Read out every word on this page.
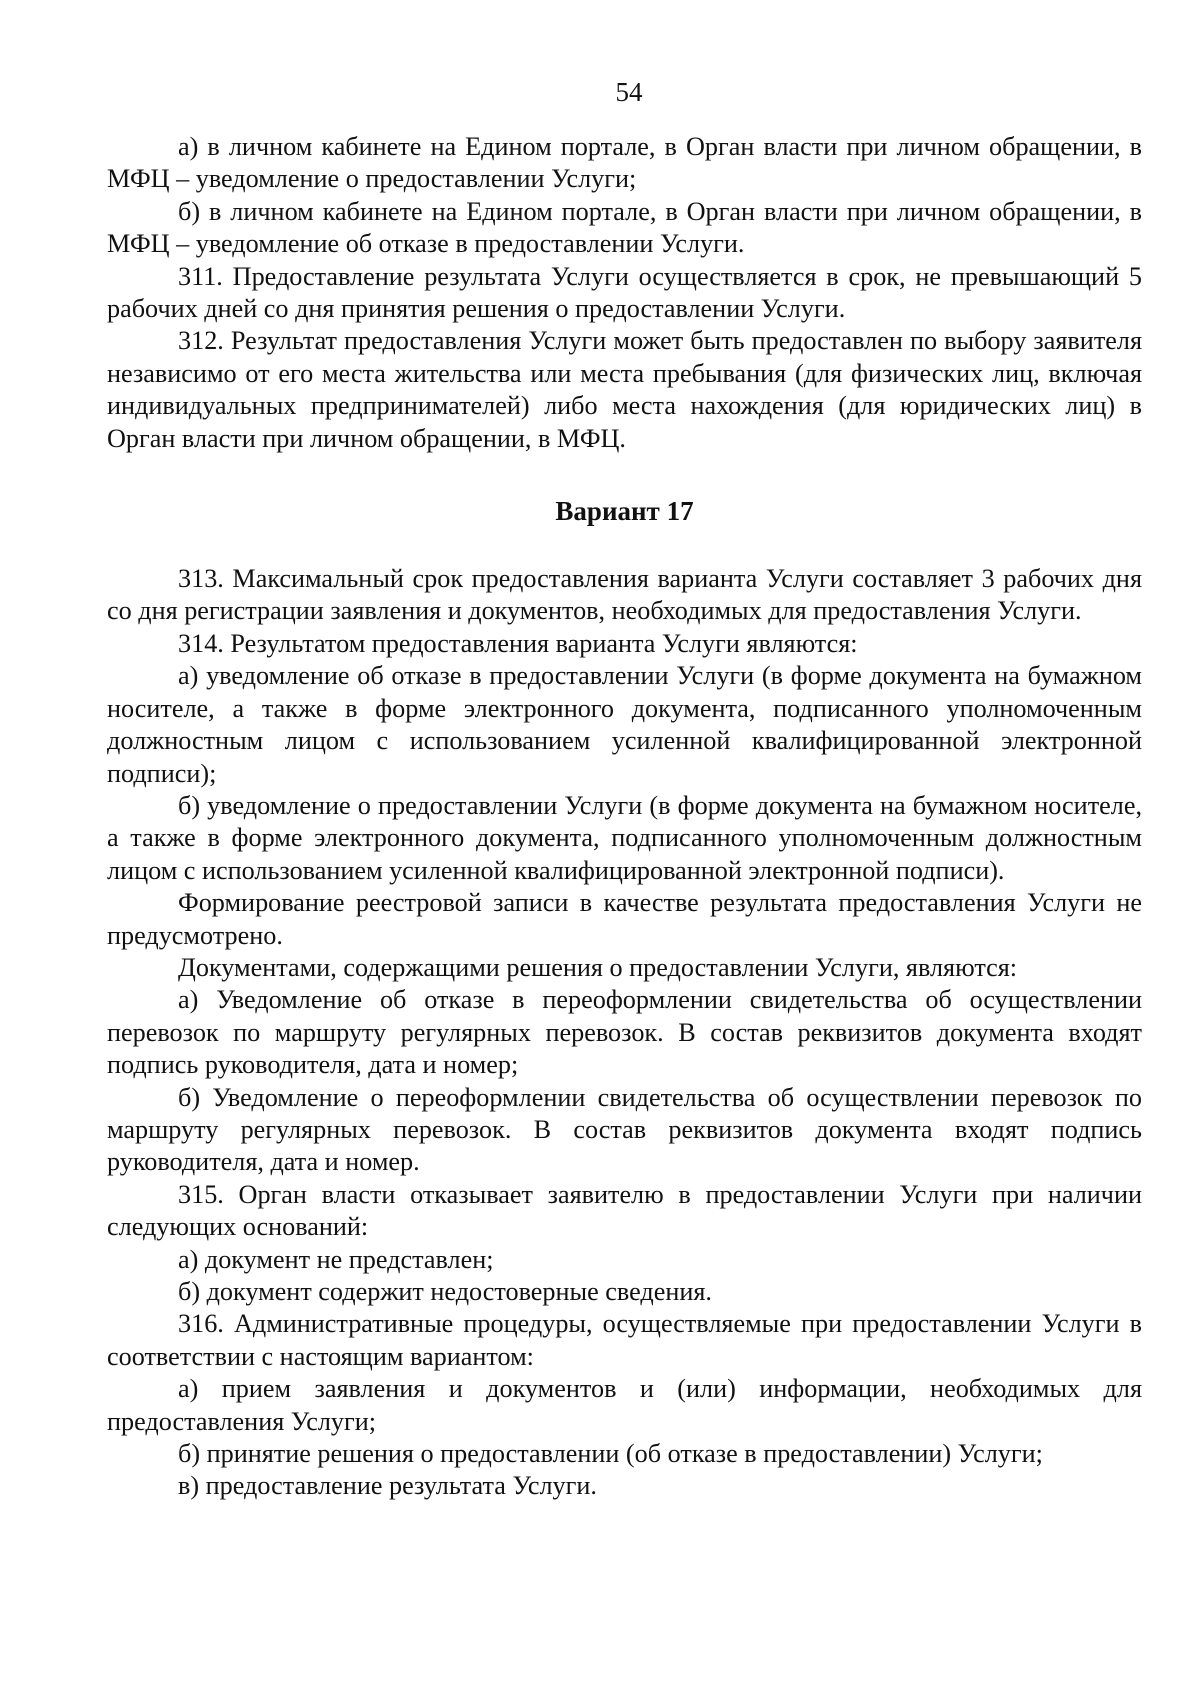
54

а) в личном кабинете на Едином портале, в Орган власти при личном обращении, в МФЦ – уведомление о предоставлении Услуги;

б) в личном кабинете на Едином портале, в Орган власти при личном обращении, в МФЦ – уведомление об отказе в предоставлении Услуги.

311. Предоставление результата Услуги осуществляется в срок, не превышающий 5 рабочих дней со дня принятия решения о предоставлении Услуги.

312. Результат предоставления Услуги может быть предоставлен по выбору заявителя независимо от его места жительства или места пребывания (для физических лиц, включая индивидуальных предпринимателей) либо места нахождения (для юридических лиц) в Орган власти при личном обращении, в МФЦ.

Вариант 17

313. Максимальный срок предоставления варианта Услуги составляет 3 рабочих дня со дня регистрации заявления и документов, необходимых для предоставления Услуги.

314. Результатом предоставления варианта Услуги являются:

а) уведомление об отказе в предоставлении Услуги (в форме документа на бумажном носителе, а также в форме электронного документа, подписанного уполномоченным должностным лицом с использованием усиленной квалифицированной электронной подписи);

б) уведомление о предоставлении Услуги (в форме документа на бумажном носителе, а также в форме электронного документа, подписанного уполномоченным должностным лицом с использованием усиленной квалифицированной электронной подписи).

Формирование реестровой записи в качестве результата предоставления Услуги не предусмотрено.

Документами, содержащими решения о предоставлении Услуги, являются:

а) Уведомление об отказе в переоформлении свидетельства об осуществлении перевозок по маршруту регулярных перевозок. В состав реквизитов документа входят подпись руководителя, дата и номер;

б) Уведомление о переоформлении свидетельства об осуществлении перевозок по маршруту регулярных перевозок. В состав реквизитов документа входят подпись руководителя, дата и номер.

315. Орган власти отказывает заявителю в предоставлении Услуги при наличии следующих оснований:

а) документ не представлен;

б) документ содержит недостоверные сведения.

316. Административные процедуры, осуществляемые при предоставлении Услуги в соответствии с настоящим вариантом:

а) прием заявления и документов и (или) информации, необходимых для предоставления Услуги;

б) принятие решения о предоставлении (об отказе в предоставлении) Услуги;

в) предоставление результата Услуги.
